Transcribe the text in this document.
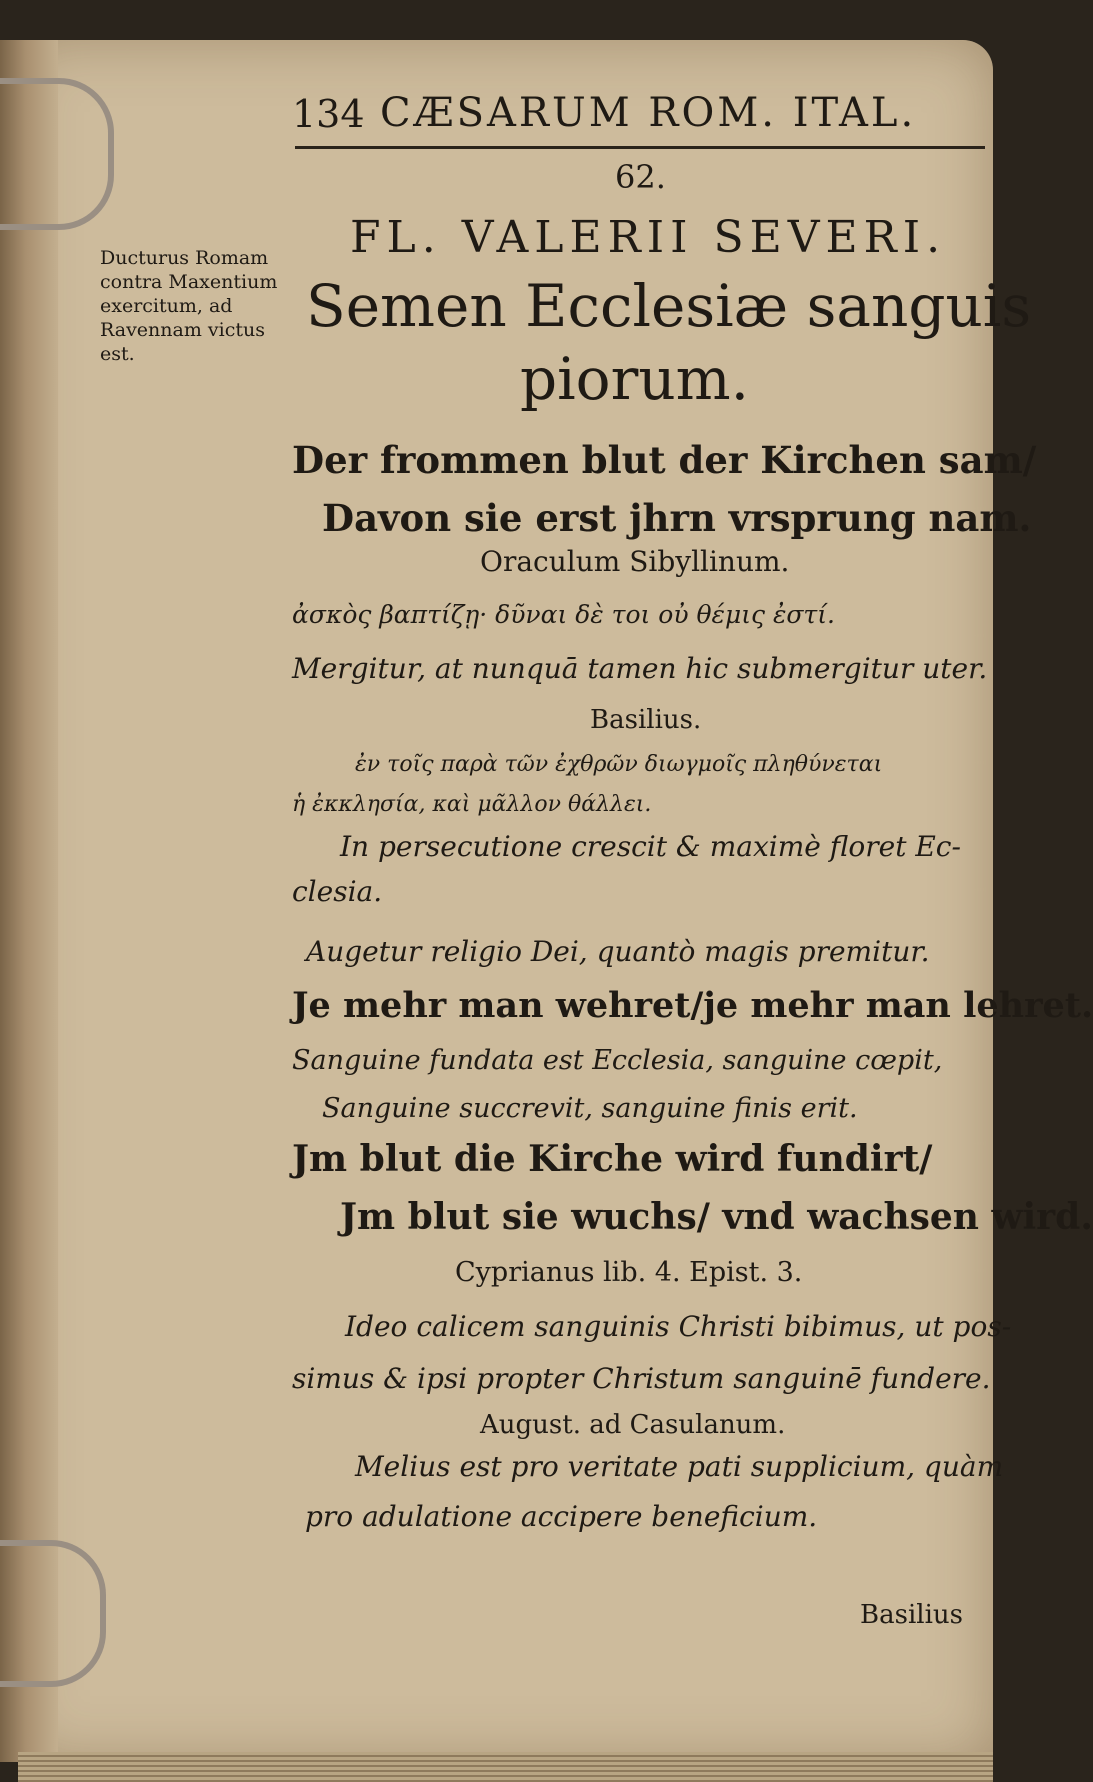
134 CÆSARUM ROM. ITAL.
62.
FL. VALERII SEVERI.
Semen Ecclesiæ sanguis
piorum.
Ducturus Romam contra Maxentium exercitum, ad Ravennam victus est.
Der frommen blut der Kirchen sam/
Davon sie erst jhrn vrsprung nam.
Oraculum Sibyllinum.
ἀσκὸς βαπτίζῃ· δῦναι δὲ τοι οὐ θέμις ἐστί.
Mergitur, at nunquā tamen hic submergitur uter.
Basilius.
ἐν τοῖς παρὰ τῶν ἐχθρῶν διωγμοῖς πληθύνεται
ἡ ἐκκλησία, καὶ μᾶλλον θάλλει.
In persecutione crescit & maximè floret Ec-
clesia.
Augetur religio Dei, quantò magis premitur.
Je mehr man wehret/je mehr man lehret.
Sanguine fundata est Ecclesia, sanguine cœpit,
Sanguine succrevit, sanguine finis erit.
Jm blut die Kirche wird fundirt/
Jm blut sie wuchs/ vnd wachsen wird.
Cyprianus lib. 4. Epist. 3.
Ideo calicem sanguinis Christi bibimus, ut pos-
simus & ipsi propter Christum sanguinē fundere.
August. ad Casulanum.
Melius est pro veritate pati supplicium, quàm
pro adulatione accipere beneficium.
Basilius
